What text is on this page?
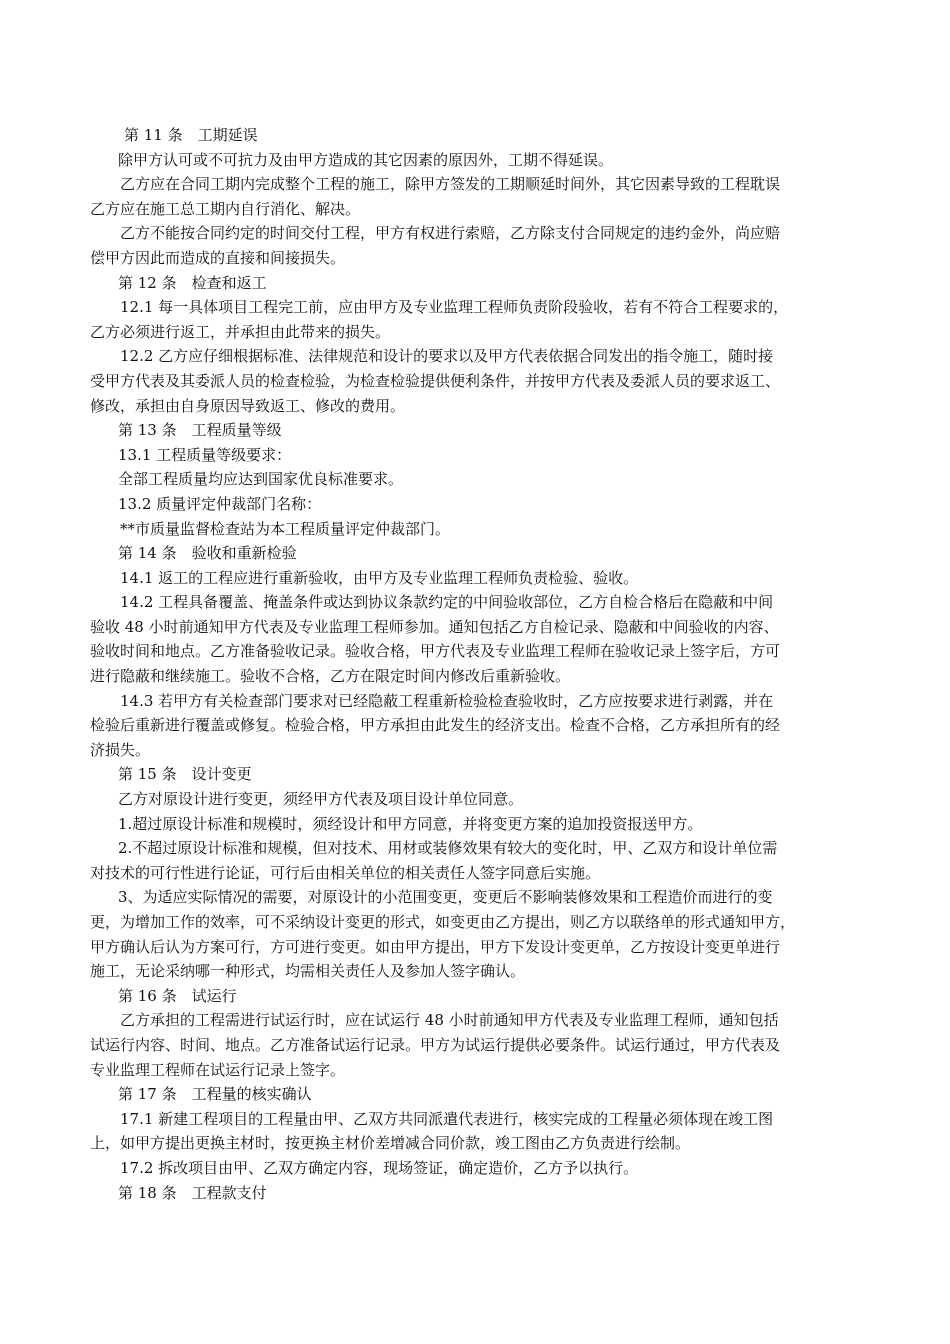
第 11 条　工期延误

除甲方认可或不可抗力及由甲方造成的其它因素的原因外，工期不得延误。

乙方应在合同工期内完成整个工程的施工，除甲方签发的工期顺延时间外，其它因素导致的工程耽误

乙方应在施工总工期内自行消化、解决。

乙方不能按合同约定的时间交付工程，甲方有权进行索赔，乙方除支付合同规定的违约金外，尚应赔

偿甲方因此而造成的直接和间接损失。

第 12 条　检查和返工

12.1 每一具体项目工程完工前，应由甲方及专业监理工程师负责阶段验收，若有不符合工程要求的，

乙方必须进行返工，并承担由此带来的损失。

12.2 乙方应仔细根据标准、法律规范和设计的要求以及甲方代表依据合同发出的指令施工，随时接

受甲方代表及其委派人员的检查检验，为检查检验提供便利条件，并按甲方代表及委派人员的要求返工、

修改，承担由自身原因导致返工、修改的费用。

第 13 条　工程质量等级

13.1 工程质量等级要求：

全部工程质量均应达到国家优良标准要求。

13.2 质量评定仲裁部门名称：

**市质量监督检查站为本工程质量评定仲裁部门。

第 14 条　验收和重新检验

14.1 返工的工程应进行重新验收，由甲方及专业监理工程师负责检验、验收。

14.2 工程具备覆盖、掩盖条件或达到协议条款约定的中间验收部位，乙方自检合格后在隐蔽和中间

验收 48 小时前通知甲方代表及专业监理工程师参加。通知包括乙方自检记录、隐蔽和中间验收的内容、

验收时间和地点。乙方准备验收记录。验收合格，甲方代表及专业监理工程师在验收记录上签字后，方可

进行隐蔽和继续施工。验收不合格，乙方在限定时间内修改后重新验收。

14.3 若甲方有关检查部门要求对已经隐蔽工程重新检验检查验收时，乙方应按要求进行剥露，并在

检验后重新进行覆盖或修复。检验合格，甲方承担由此发生的经济支出。检查不合格，乙方承担所有的经

济损失。

第 15 条　设计变更

乙方对原设计进行变更，须经甲方代表及项目设计单位同意。

1.超过原设计标准和规模时，须经设计和甲方同意，并将变更方案的追加投资报送甲方。

2.不超过原设计标准和规模，但对技术、用材或装修效果有较大的变化时，甲、乙双方和设计单位需

对技术的可行性进行论证，可行后由相关单位的相关责任人签字同意后实施。

3、为适应实际情况的需要，对原设计的小范围变更，变更后不影响装修效果和工程造价而进行的变

更，为增加工作的效率，可不采纳设计变更的形式，如变更由乙方提出，则乙方以联络单的形式通知甲方，

甲方确认后认为方案可行，方可进行变更。如由甲方提出，甲方下发设计变更单，乙方按设计变更单进行

施工，无论采纳哪一种形式，均需相关责任人及参加人签字确认。

第 16 条　试运行

乙方承担的工程需进行试运行时，应在试运行 48 小时前通知甲方代表及专业监理工程师，通知包括

试运行内容、时间、地点。乙方准备试运行记录。甲方为试运行提供必要条件。试运行通过，甲方代表及

专业监理工程师在试运行记录上签字。

第 17 条　工程量的核实确认

17.1 新建工程项目的工程量由甲、乙双方共同派遣代表进行，核实完成的工程量必须体现在竣工图

上，如甲方提出更换主材时，按更换主材价差增减合同价款，竣工图由乙方负责进行绘制。

17.2 拆改项目由甲、乙双方确定内容，现场签证，确定造价，乙方予以执行。

第 18 条　工程款支付
